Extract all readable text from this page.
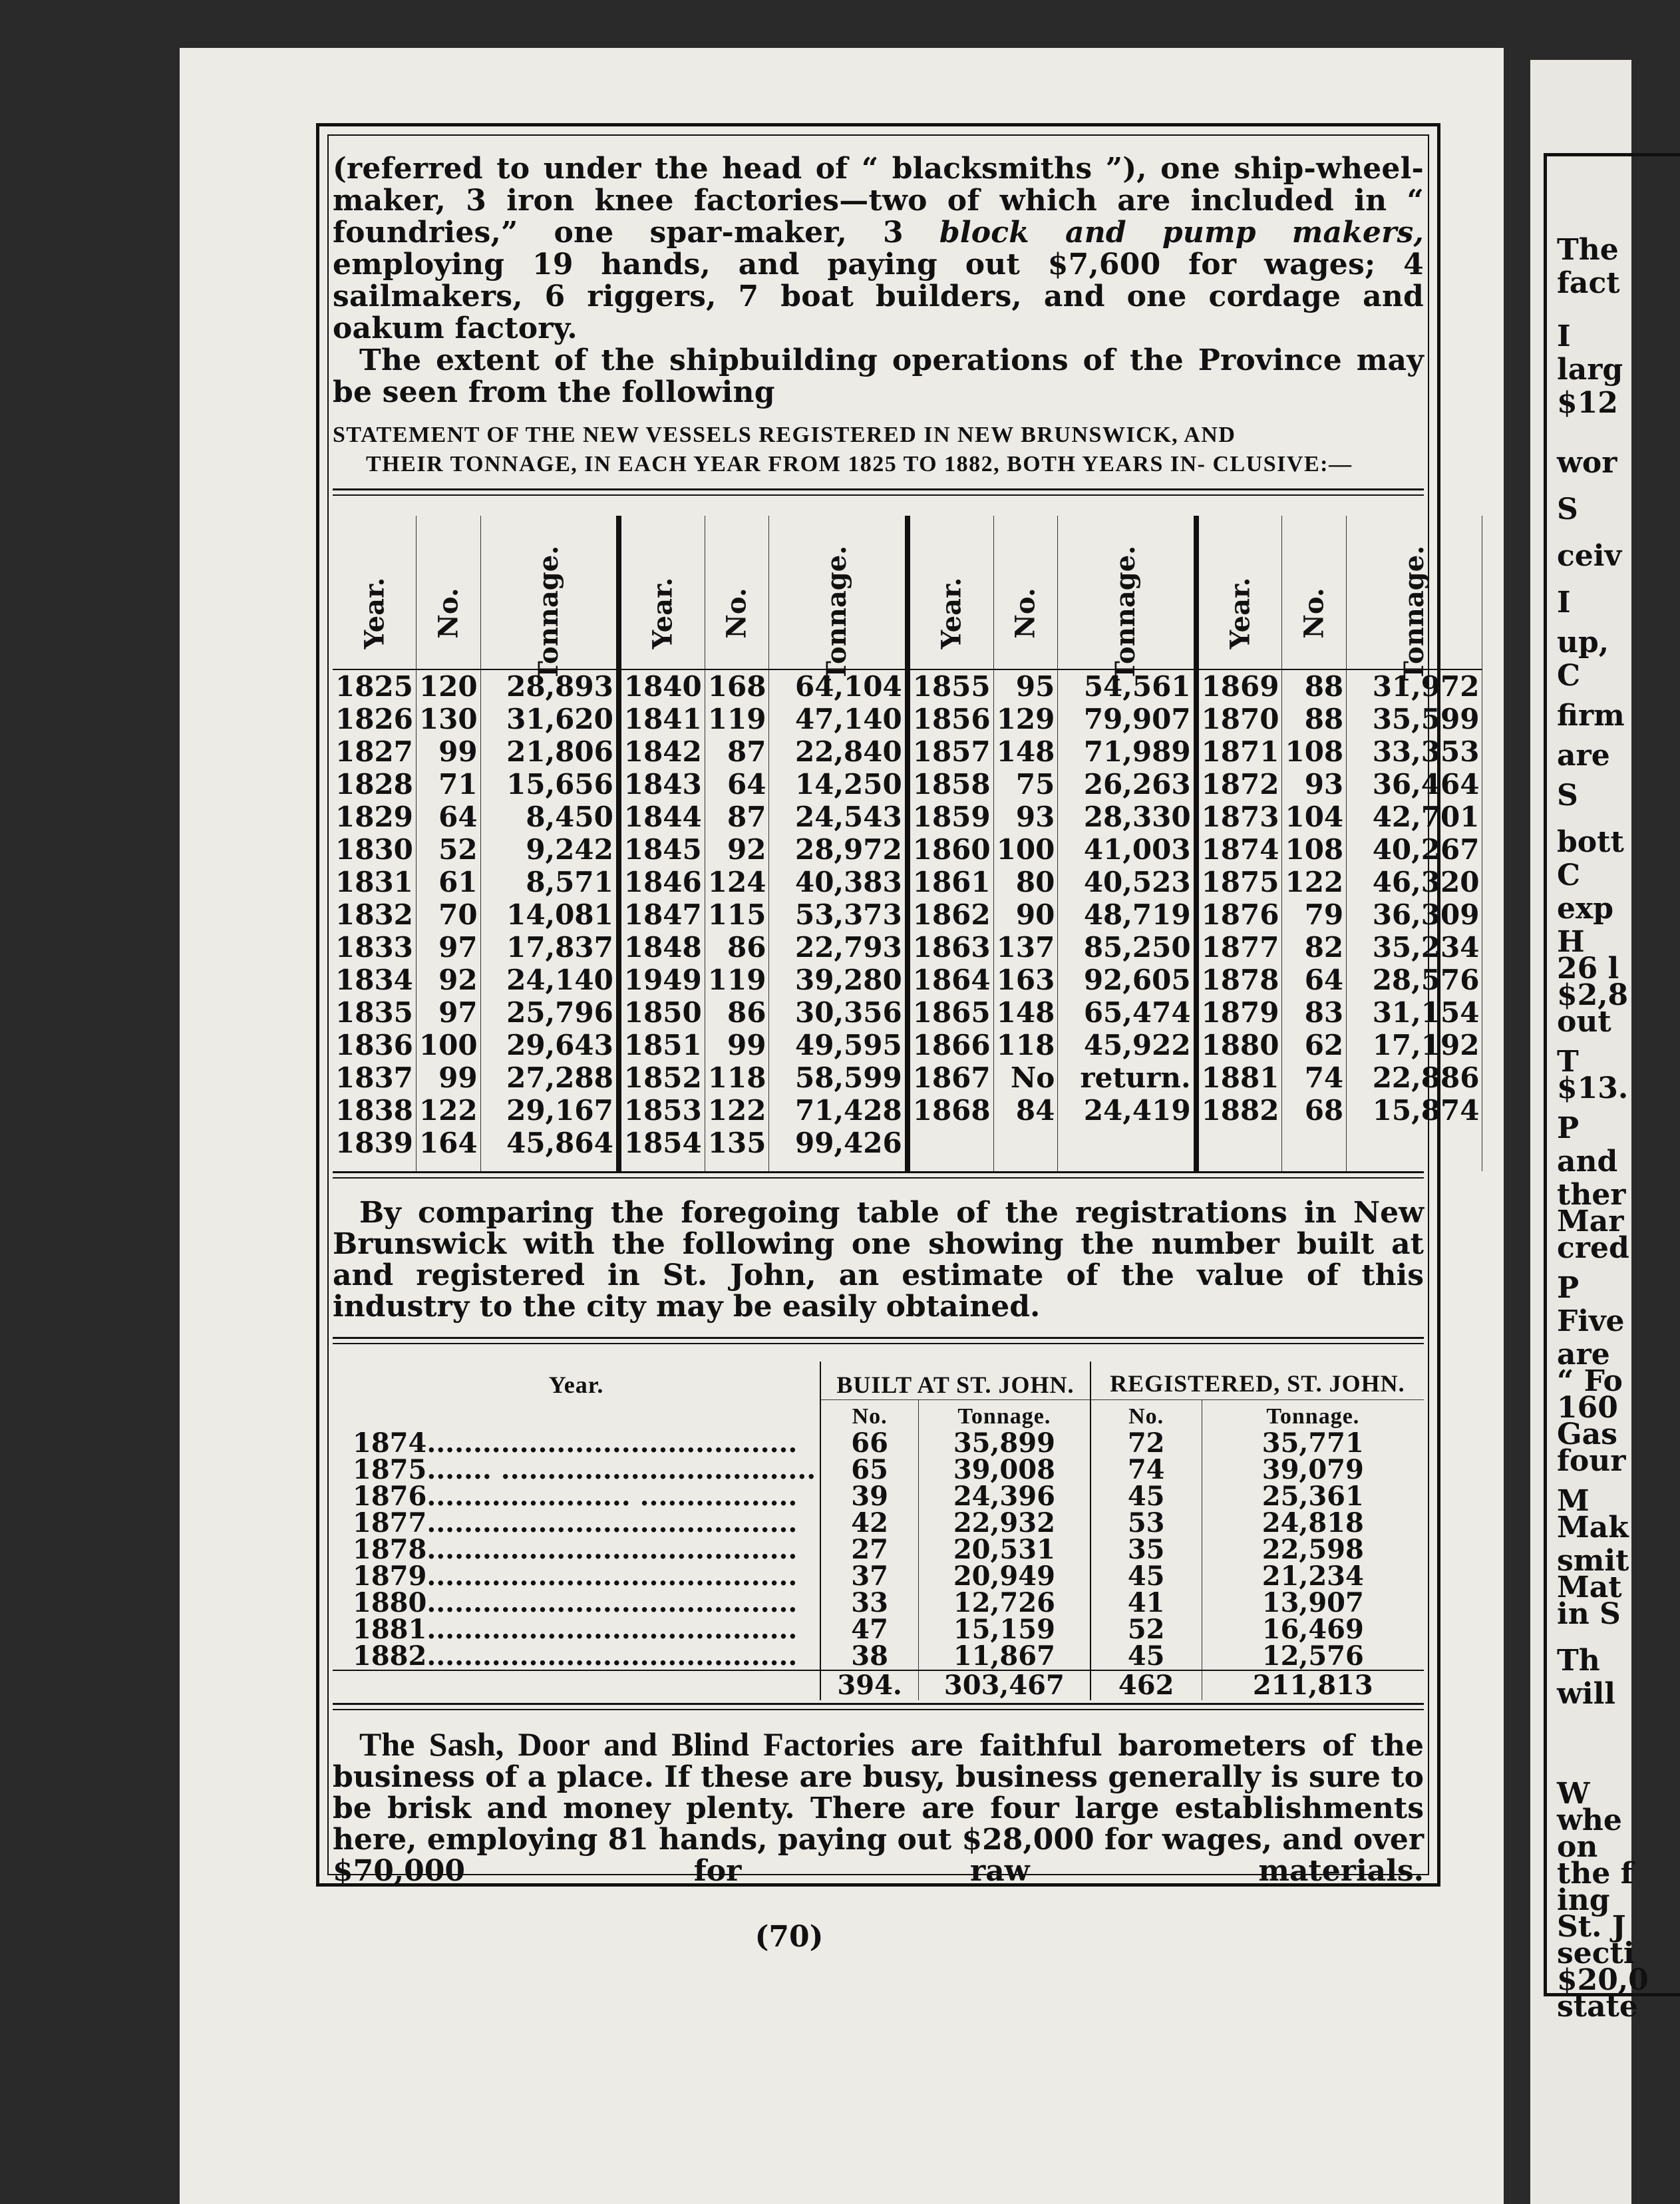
The
fact
I
larg
$12
wor
S
ceiv
I
up,
C
firm
are
S
bott
C
exp
H
26 l
$2,8
out
T
$13.
P
and
ther
Mar
cred
P
Five
are
“ Fo
160
Gas
four
M
Mak
smit
Mat
in S
Th
will
W
whe
on
the f
ing
St. J
secti
$20,0
state

(referred to under the head of “ blacksmiths ”), one ship-wheel-maker, 3 iron knee factories—two of which are included in “ foundries,” one spar-maker, 3 block and pump makers, employing 19 hands, and paying out $7,600 for wages; 4 sailmakers, 6 riggers, 7 boat builders, and one cordage and oakum factory.

The extent of the shipbuilding operations of the Province may be seen from the following

STATEMENT OF THE NEW VESSELS REGISTERED IN NEW BRUNSWICK, AND
THEIR TONNAGE, IN EACH YEAR FROM 1825 TO 1882, BOTH YEARS IN- CLUSIVE:—
Year.	No.	Tonnage.	Year.	No.	Tonnage.	Year.	No.	Tonnage.	Year.	No.	Tonnage.
1825	120	28,893	1840	168	64,104	1855	95	54,561	1869	88	31,972
1826	130	31,620	1841	119	47,140	1856	129	79,907	1870	88	35,599
1827	99	21,806	1842	87	22,840	1857	148	71,989	1871	108	33,353
1828	71	15,656	1843	64	14,250	1858	75	26,263	1872	93	36,464
1829	64	8,450	1844	87	24,543	1859	93	28,330	1873	104	42,701
1830	52	9,242	1845	92	28,972	1860	100	41,003	1874	108	40,267
1831	61	8,571	1846	124	40,383	1861	80	40,523	1875	122	46,320
1832	70	14,081	1847	115	53,373	1862	90	48,719	1876	79	36,309
1833	97	17,837	1848	86	22,793	1863	137	85,250	1877	82	35,234
1834	92	24,140	1949	119	39,280	1864	163	92,605	1878	64	28,576
1835	97	25,796	1850	86	30,356	1865	148	65,474	1879	83	31,154
1836	100	29,643	1851	99	49,595	1866	118	45,922	1880	62	17,192
1837	99	27,288	1852	118	58,599	1867	No	return.	1881	74	22,886
1838	122	29,167	1853	122	71,428	1868	84	24,419	1882	68	15,874
1839	164	45,864	1854	135	99,426						

By comparing the foregoing table of the registrations in New Brunswick with the following one showing the number built at and registered in St. John, an estimate of the value of this industry to the city may be easily obtained.

Year.	BUILT AT ST. JOHN.		REGISTERED, ST. JOHN.	
	No.	Tonnage.	No.	Tonnage.
1874........................................	66	35,899	72	35,771
1875....... ..................................	65	39,008	74	39,079
1876...................... .................	39	24,396	45	25,361
1877........................................	42	22,932	53	24,818
1878........................................	27	20,531	35	22,598
1879........................................	37	20,949	45	21,234
1880........................................	33	12,726	41	13,907
1881........................................	47	15,159	52	16,469
1882........................................	38	11,867	45	12,576
	394.	303,467	462	211,813

The Sash, Door and Blind Factories are faithful barometers of the business of a place. If these are busy, business generally is sure to be brisk and money plenty. There are four large establishments here, employing 81 hands, paying out $28,000 for wages, and over $70,000 for raw materials.

(70)
